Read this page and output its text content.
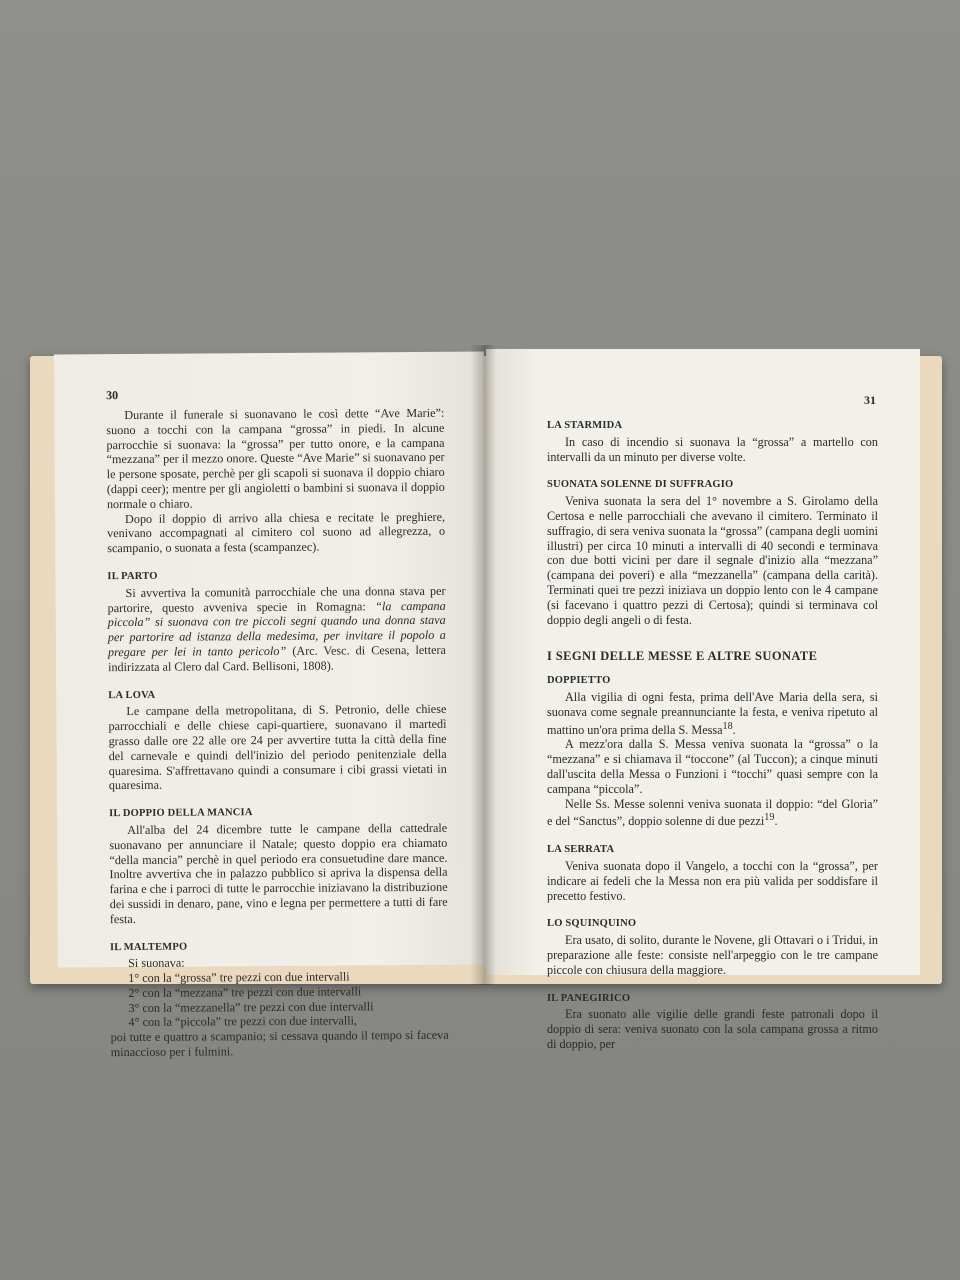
30

Durante il funerale si suonavano le così dette “Ave Marie”: suono a tocchi con la campana “grossa” in piedi. In alcune parrocchie si suonava: la “grossa” per tutto onore, e la campana “mezzana” per il mezzo onore. Queste “Ave Marie” si suonavano per le persone sposate, perchè per gli scapoli si suonava il doppio chiaro (dappi ceer); mentre per gli angioletti o bambini si suonava il doppio normale o chiaro.

Dopo il doppio di arrivo alla chiesa e recitate le preghiere, venivano accompagnati al cimitero col suono ad allegrezza, o scampanio, o suonata a festa (scampanzec).

IL PARTO

Si avvertiva la comunità parrocchiale che una donna stava per partorire, questo avveniva specie in Romagna: “la campana piccola” si suonava con tre piccoli segni quando una donna stava per partorire ad istanza della medesima, per invitare il popolo a pregare per lei in tanto pericolo” (Arc. Vesc. di Cesena, lettera indirizzata al Clero dal Card. Bellisoni, 1808).

LA LOVA

Le campane della metropolitana, di S. Petronio, delle chiese parrocchiali e delle chiese capi-quartiere, suonavano il martedì grasso dalle ore 22 alle ore 24 per avvertire tutta la città della fine del carnevale e quindi dell'inizio del periodo penitenziale della quaresima. S'affrettavano quindi a consumare i cibi grassi vietati in quaresima.

IL DOPPIO DELLA MANCIA

All'alba del 24 dicembre tutte le campane della cattedrale suonavano per annunciare il Natale; questo doppio era chiamato “della mancia” perchè in quel periodo era consuetudine dare mance. Inoltre avvertiva che in palazzo pubblico si apriva la dispensa della farina e che i parroci di tutte le parrocchie iniziavano la distribuzione dei sussidi in denaro, pane, vino e legna per permettere a tutti di fare festa.

IL MALTEMPO

Si suonava:

1° con la “grossa” tre pezzi con due intervalli
2° con la “mezzana” tre pezzi con due intervalli
3° con la “mezzanella” tre pezzi con due intervalli
4° con la “piccola” tre pezzi con due intervalli,

poi tutte e quattro a scampanio; si cessava quando il tempo si faceva minaccioso per i fulmini.

31
LA STARMIDA

In caso di incendio si suonava la “grossa” a martello con intervalli da un minuto per diverse volte.

SUONATA SOLENNE DI SUFFRAGIO

Veniva suonata la sera del 1° novembre a S. Girolamo della Certosa e nelle parrocchiali che avevano il cimitero. Terminato il suffragio, di sera veniva suonata la “grossa” (campana degli uomini illustri) per circa 10 minuti a intervalli di 40 secondi e terminava con due botti vicini per dare il segnale d'inizio alla “mezzana” (campana dei poveri) e alla “mezzanella” (campana della carità). Terminati quei tre pezzi iniziava un doppio lento con le 4 campane (si facevano i quattro pezzi di Certosa); quindi si terminava col doppio degli angeli o di festa.

I SEGNI DELLE MESSE E ALTRE SUONATE
DOPPIETTO

Alla vigilia di ogni festa, prima dell'Ave Maria della sera, si suonava come segnale preannunciante la festa, e veniva ripetuto al mattino un'ora prima della S. Messa$^{18}$.

A mezz'ora dalla S. Messa veniva suonata la “grossa” o la “mezzana” e si chiamava il “toccone” (al Tuccon); a cinque minuti dall'uscita della Messa o Funzioni i “tocchi” quasi sempre con la campana “piccola”.

Nelle Ss. Messe solenni veniva suonata il doppio: “del Gloria” e del “Sanctus”, doppio solenne di due pezzi$^{19}$.

LA SERRATA

Veniva suonata dopo il Vangelo, a tocchi con la “grossa”, per indicare ai fedeli che la Messa non era più valida per soddisfare il precetto festivo.

LO SQUINQUINO

Era usato, di solito, durante le Novene, gli Ottavari o i Tridui, in preparazione alle feste: consiste nell'arpeggio con le tre campane piccole con chiusura della maggiore.

IL PANEGIRICO

Era suonato alle vigilie delle grandi feste patronali dopo il doppio di sera: veniva suonato con la sola campana grossa a ritmo di doppio, per
